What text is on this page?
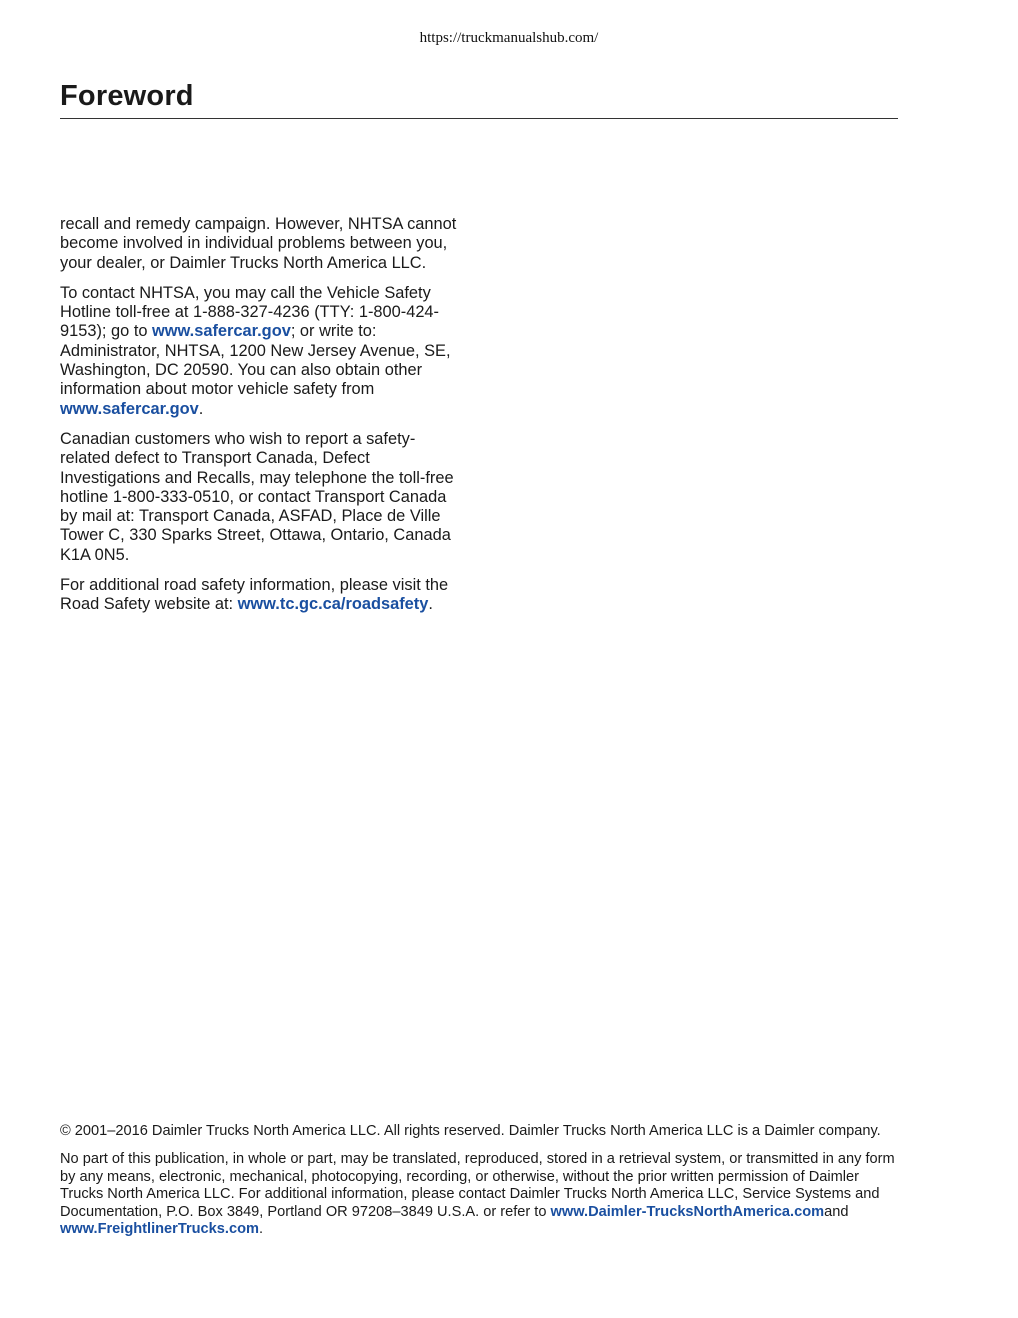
https://truckmanualshub.com/
Foreword

recall and remedy campaign. However, NHTSA cannot become involved in individual problems between you, your dealer, or Daimler Trucks North America LLC.

To contact NHTSA, you may call the Vehicle Safety Hotline toll-free at 1-888-327-4236 (TTY: 1-800-424-9153); go to www.safercar.gov; or write to: Administrator, NHTSA, 1200 New Jersey Avenue, SE, Washington, DC 20590. You can also obtain other information about motor vehicle safety from www.safercar.gov.

Canadian customers who wish to report a safety-related defect to Transport Canada, Defect Investigations and Recalls, may telephone the toll-free hotline 1-800-333-0510, or contact Transport Canada by mail at: Transport Canada, ASFAD, Place de Ville Tower C, 330 Sparks Street, Ottawa, Ontario, Canada K1A 0N5.

For additional road safety information, please visit the Road Safety website at: www.tc.gc.ca/roadsafety.

© 2001–2016 Daimler Trucks North America LLC. All rights reserved. Daimler Trucks North America LLC is a Daimler company.

No part of this publication, in whole or part, may be translated, reproduced, stored in a retrieval system, or transmitted in any form by any means, electronic, mechanical, photocopying, recording, or otherwise, without the prior written permission of Daimler Trucks North America LLC. For additional information, please contact Daimler Trucks North America LLC, Service Systems and Documentation, P.O. Box 3849, Portland OR 97208–3849 U.S.A. or refer to www.Daimler-TrucksNorthAmerica.comand www.FreightlinerTrucks.com.
